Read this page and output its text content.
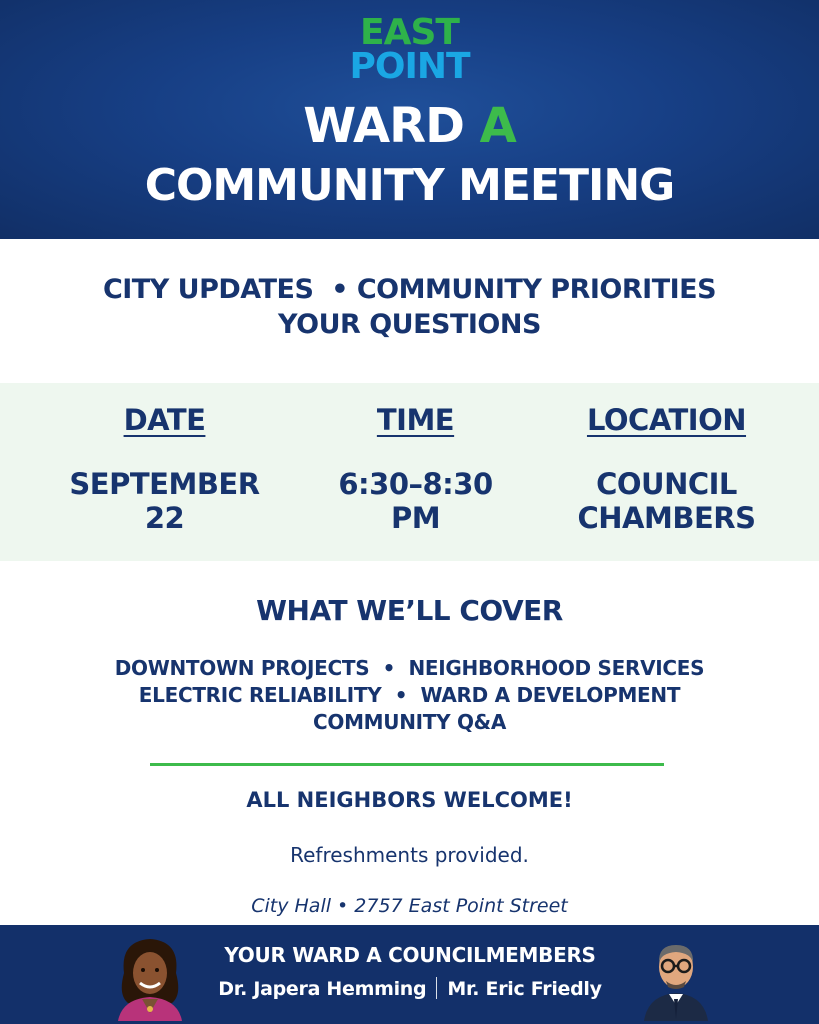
EAST
POINT
WARD A
COMMUNITY MEETING
CITY UPDATES  • COMMUNITY PRIORITIES
YOUR QUESTIONS
DATE
SEPTEMBER
22
TIME
6:30–8:30
PM
LOCATION
COUNCIL
CHAMBERS
WHAT WE’LL COVER
DOWNTOWN PROJECTS  •  NEIGHBORHOOD SERVICES
ELECTRIC RELIABILITY  •  WARD A DEVELOPMENT
COMMUNITY Q&A
ALL NEIGHBORS WELCOME!
Refreshments provided.
City Hall • 2757 East Point Street
YOUR WARD A COUNCILMEMBERS
Dr. Japera Hemming Mr. Eric Friedly
